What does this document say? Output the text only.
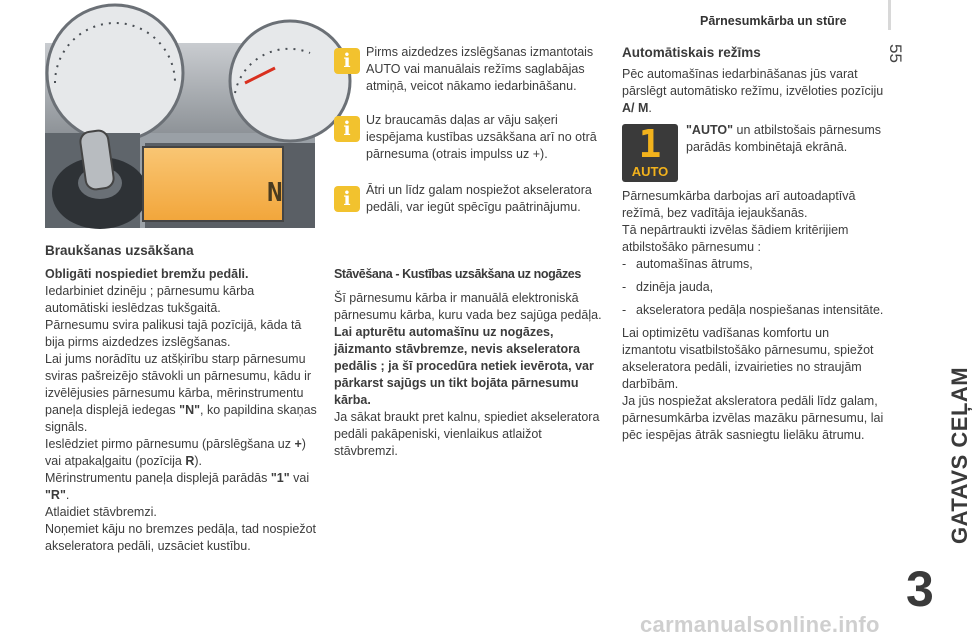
Pārnesumkārba un stūre
55
GATAVS CEĻAM
3
N
Braukšanas uzsākšana

Obligāti nospiediet bremžu pedāli.

Iedarbiniet dzinēju ; pārnesumu kārba automātiski ieslēdzas tukšgaitā.

Pārnesumu svira palikusi tajā pozīcijā, kāda tā bija pirms aizdedzes izslēgšanas.

Lai jums norādītu uz atšķirību starp pārnesumu sviras pašreizējo stāvokli un pārnesumu, kādu ir izvēlējusies pārnesumu kārba, mērinstrumentu paneļa displejā iedegas "N", ko papildina skaņas signāls.

Ieslēdziet pirmo pārnesumu (pārslēgšana uz +) vai atpakaļgaitu (pozīcija R).

Mērinstrumentu paneļa displejā parādās "1" vai "R".

Atlaidiet stāvbremzi.

Noņemiet kāju no bremzes pedāļa, tad nospiežot akseleratora pedāli, uzsāciet kustību.

i	Pirms aizdedzes izslēgšanas izmantotais AUTO vai manuālais režīms saglabājas atmiņā, veicot nākamo iedarbināšanu.
i	Uz braucamās daļas ar vāju saķeri iespējama kustības uzsākšana arī no otrā pārnesuma (otrais impulss uz +).
i	Ātri un līdz galam nospiežot akseleratora pedāli, var iegūt spēcīgu paātrinājumu.
Stāvēšana - Kustības uzsākšana uz nogāzes

Šī pārnesumu kārba ir manuālā elektroniskā pārnesumu kārba, kuru vada bez sajūga pedāļa.

Lai apturētu automašīnu uz nogāzes, jāizmanto stāvbremze, nevis akseleratora pedālis ; ja šī procedūra netiek ievērota, var pārkarst sajūgs un tikt bojāta pārnesumu kārba.

Ja sākat braukt pret kalnu, spiediet akseleratora pedāli pakāpeniski, vienlaikus atlaižot stāvbremzi.

Automātiskais režīms

Pēc automašīnas iedarbināšanas jūs varat pārslēgt automātisko režīmu, izvēloties pozīciju A/ M.

1
AUTO

"AUTO" un atbilstošais pārnesums parādās kombinētajā ekrānā.

Pārnesumkārba darbojas arī autoadaptīvā režīmā, bez vadītāja iejaukšanās.

Tā nepārtraukti izvēlas šādiem kritērijiem atbilstošāko pārnesumu :

- automašīnas ātrums,
- dzinēja jauda,
- akseleratora pedāļa nospiešanas intensitāte.

Lai optimizētu vadīšanas komfortu un izmantotu visatbilstošāko pārnesumu, spiežot akseleratora pedāli, izvairieties no straujām darbībām.

Ja jūs nospiežat aksleratora pedāli līdz galam, pārnesumkārba izvēlas mazāku pārnesumu, lai pēc iespējas ātrāk sasniegtu lielāku ātrumu.

carmanualsonline.info
